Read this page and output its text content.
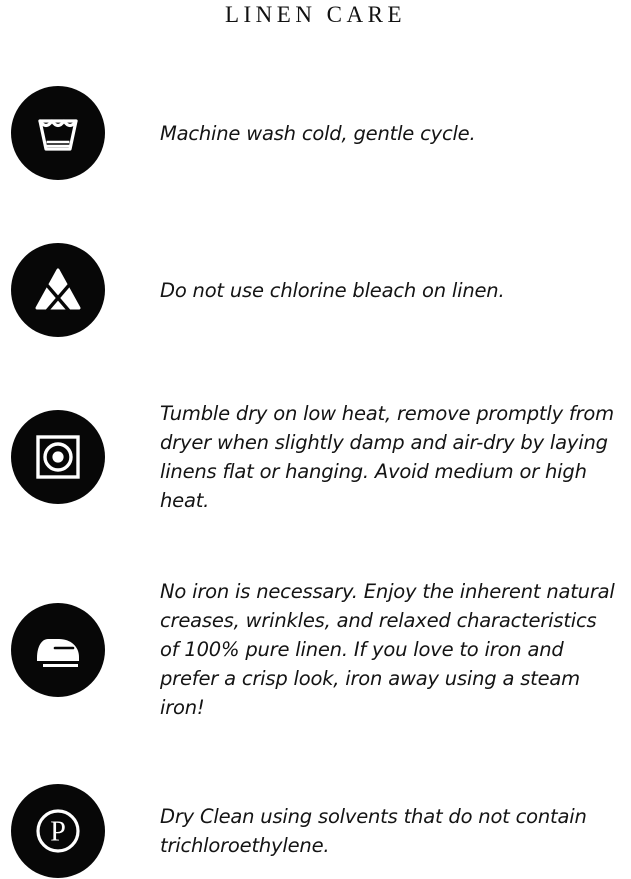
LINEN CARE

Machine wash cold, gentle cycle.

Do not use chlorine bleach on linen.

Tumble dry on low heat, remove promptly from dryer when slightly damp and air-dry by laying linens flat or hanging. Avoid medium or high heat.

No iron is necessary. Enjoy the inherent natural creases, wrinkles, and relaxed characteristics of 100% pure linen. If you love to iron and prefer a crisp look, iron away using a steam iron!

P	Dry Clean using solvents that do not contain trichloroethylene.
